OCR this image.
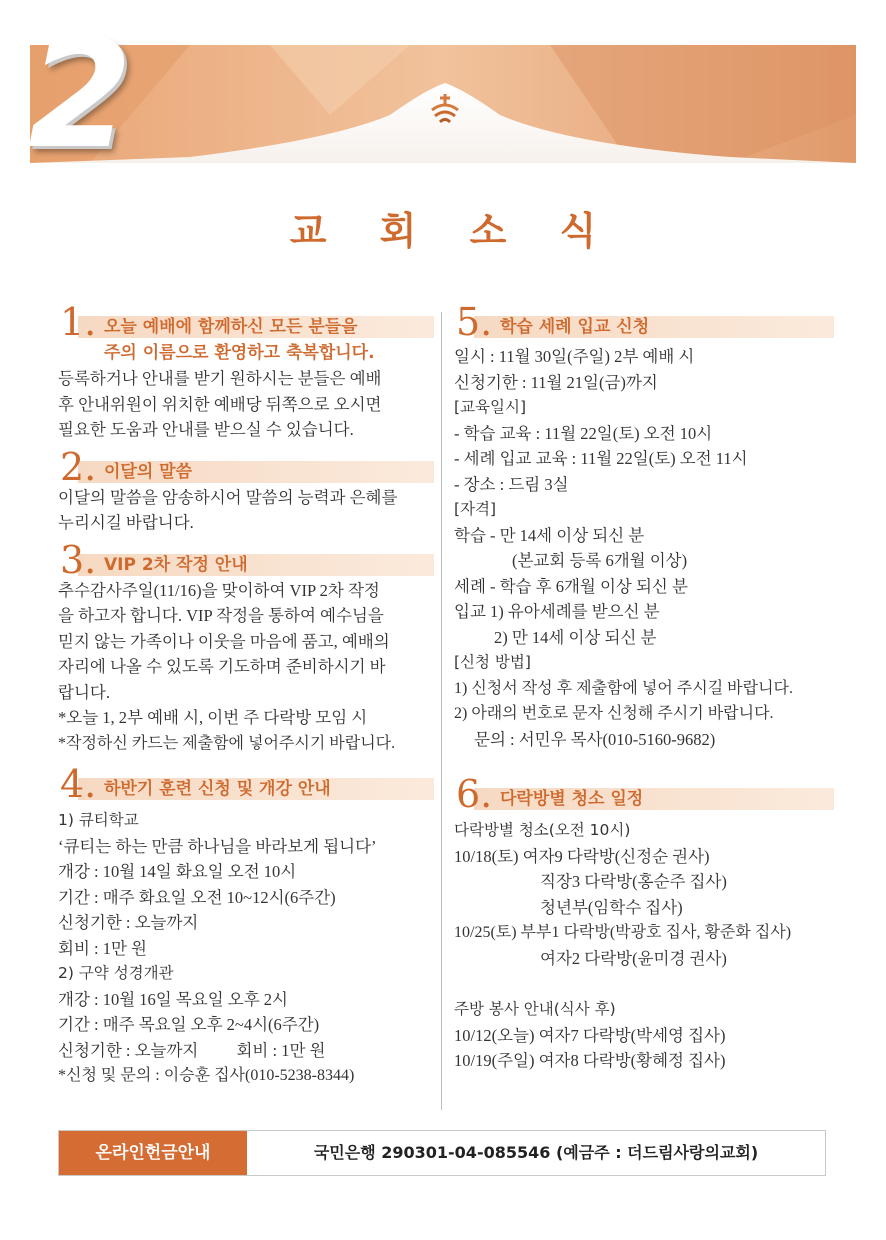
2
교 회 소 식
1. 오늘 예배에 함께하신 모든 분들을
주의 이름으로 환영하고 축복합니다.
등록하거나 안내를 받기 원하시는 분들은 예배
후 안내위원이 위치한 예배당 뒤쪽으로 오시면
필요한 도움과 안내를 받으실 수 있습니다.
2. 이달의 말씀
이달의 말씀을 암송하시어 말씀의 능력과 은혜를
누리시길 바랍니다.
3. VIP 2차 작정 안내
추수감사주일(11/16)을 맞이하여 VIP 2차 작정
을 하고자 합니다. VIP 작정을 통하여 예수님을
믿지 않는 가족이나 이웃을 마음에 품고, 예배의
자리에 나올 수 있도록 기도하며 준비하시기 바
랍니다.
*오늘 1, 2부 예배 시, 이번 주 다락방 모임 시
*작정하신 카드는 제출함에 넣어주시기 바랍니다.
4. 하반기 훈련 신청 및 개강 안내
1) 큐티학교
‘큐티는 하는 만큼 하나님을 바라보게 됩니다’
개강 : 10월 14일 화요일 오전 10시
기간 : 매주 화요일 오전 10~12시(6주간)
신청기한 : 오늘까지
회비 : 1만 원
2) 구약 성경개관
개강 : 10월 16일 목요일 오후 2시
기간 : 매주 목요일 오후 2~4시(6주간)
신청기한 : 오늘까지 회비 : 1만 원
*신청 및 문의 : 이승훈 집사(010-5238-8344)
5. 학습 세례 입교 신청
일시 : 11월 30일(주일) 2부 예배 시
신청기한 : 11월 21일(금)까지
[교육일시]
- 학습 교육 : 11월 22일(토) 오전 10시
- 세례 입교 교육 : 11월 22일(토) 오전 11시
- 장소 : 드림 3실
[자격]
학습 - 만 14세 이상 되신 분
(본교회 등록 6개월 이상)
세례 - 학습 후 6개월 이상 되신 분
입교 1) 유아세례를 받으신 분
2) 만 14세 이상 되신 분
[신청 방법]
1) 신청서 작성 후 제출함에 넣어 주시길 바랍니다.
2) 아래의 번호로 문자 신청해 주시기 바랍니다.
문의 : 서민우 목사(010-5160-9682)
6. 다락방별 청소 일정
다락방별 청소(오전 10시)
10/18(토) 여자9 다락방(신정순 권사)
직장3 다락방(홍순주 집사)
청년부(임학수 집사)
10/25(토) 부부1 다락방(박광호 집사, 황준화 집사)
여자2 다락방(윤미경 권사)
주방 봉사 안내(식사 후)
10/12(오늘) 여자7 다락방(박세영 집사)
10/19(주일) 여자8 다락방(황혜정 집사)
온라인헌금안내	국민은행 290301-04-085546 (예금주 : 더드림사랑의교회)
